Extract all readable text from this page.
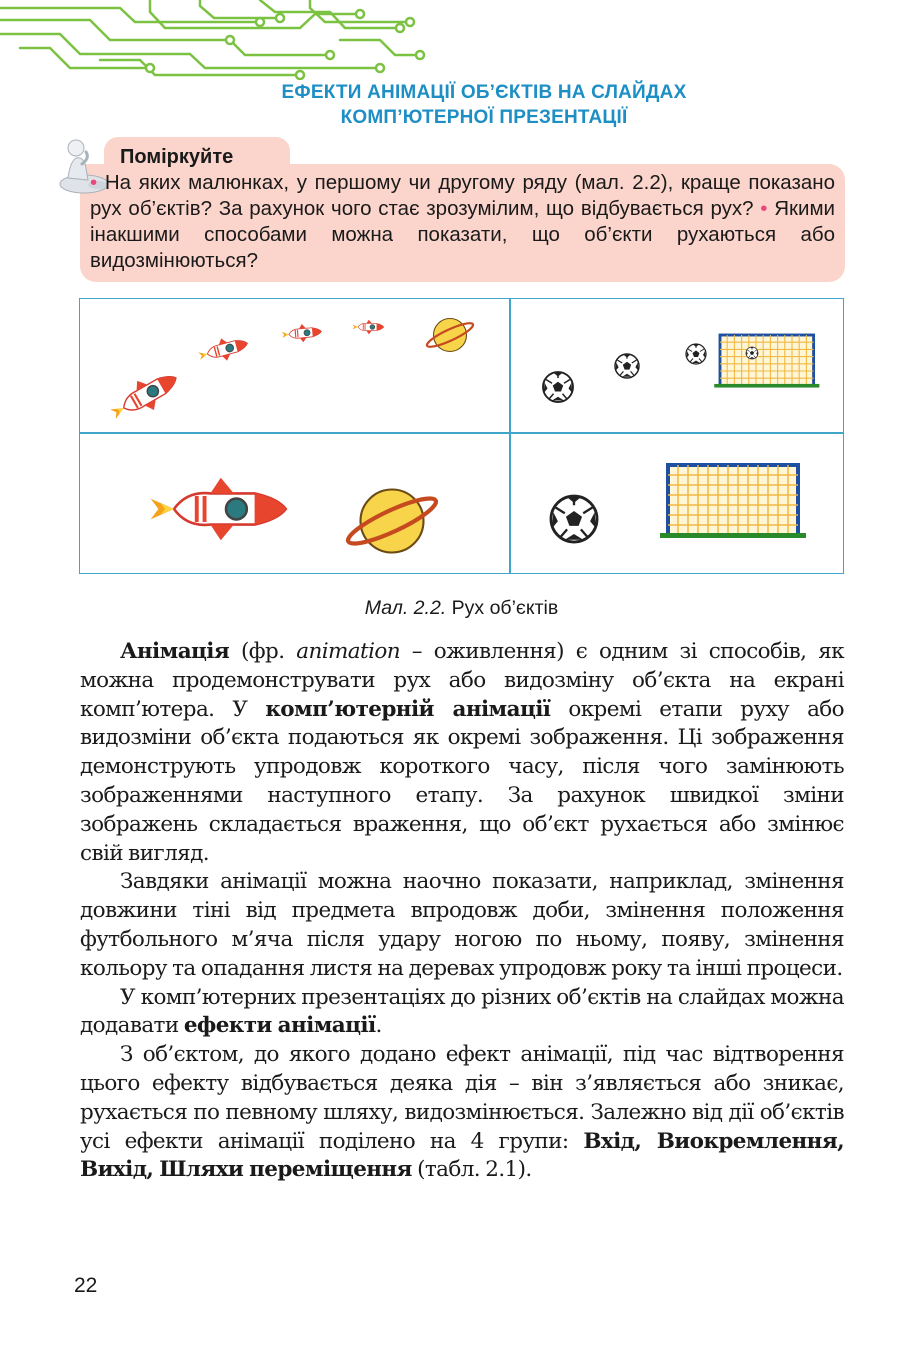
ЕФЕКТИ АНІМАЦІЇ ОБ’ЄКТІВ НА СЛАЙДАХ
КОМП’ЮТЕРНОЇ ПРЕЗЕНТАЦІЇ
Поміркуйте
• На яких малюнках, у першому чи другому ряду (мал. 2.2), краще показано рух об’єктів? За рахунок чого стає зрозумілим, що відбувається рух? • Якими інакшими способами можна показати, що об’єкти рухаються або видозмінюються?
Мал. 2.2. Рух об’єктів

Анімація (фр. animation – оживлення) є одним зі способів, як можна продемонструвати рух або видозміну об’єкта на екрані комп’ютера. У комп’ютерній анімації окремі етапи руху або видозміни об’єкта подаються як окремі зображення. Ці зображення демонструють упродовж короткого часу, після чого замінюють зображеннями наступного етапу. За рахунок швидкої зміни зображень складається враження, що об’єкт рухається або змінює свій вигляд.

Завдяки анімації можна наочно показати, наприклад, змінення довжини тіні від предмета впродовж доби, змінення положення футбольного м’яча після удару ногою по ньому, появу, змінення кольору та опадання листя на деревах упродовж року та інші процеси.

У комп’ютерних презентаціях до різних об’єктів на слайдах можна додавати ефекти анімації.

З об’єктом, до якого додано ефект анімації, під час відтворення цього ефекту відбувається деяка дія – він з’являється або зникає, рухається по певному шляху, видозмінюється. Залежно від дії об’єктів усі ефекти анімації поділено на 4 групи: Вхід, Виокремлення, Вихід, Шляхи переміщення (табл. 2.1).

22
